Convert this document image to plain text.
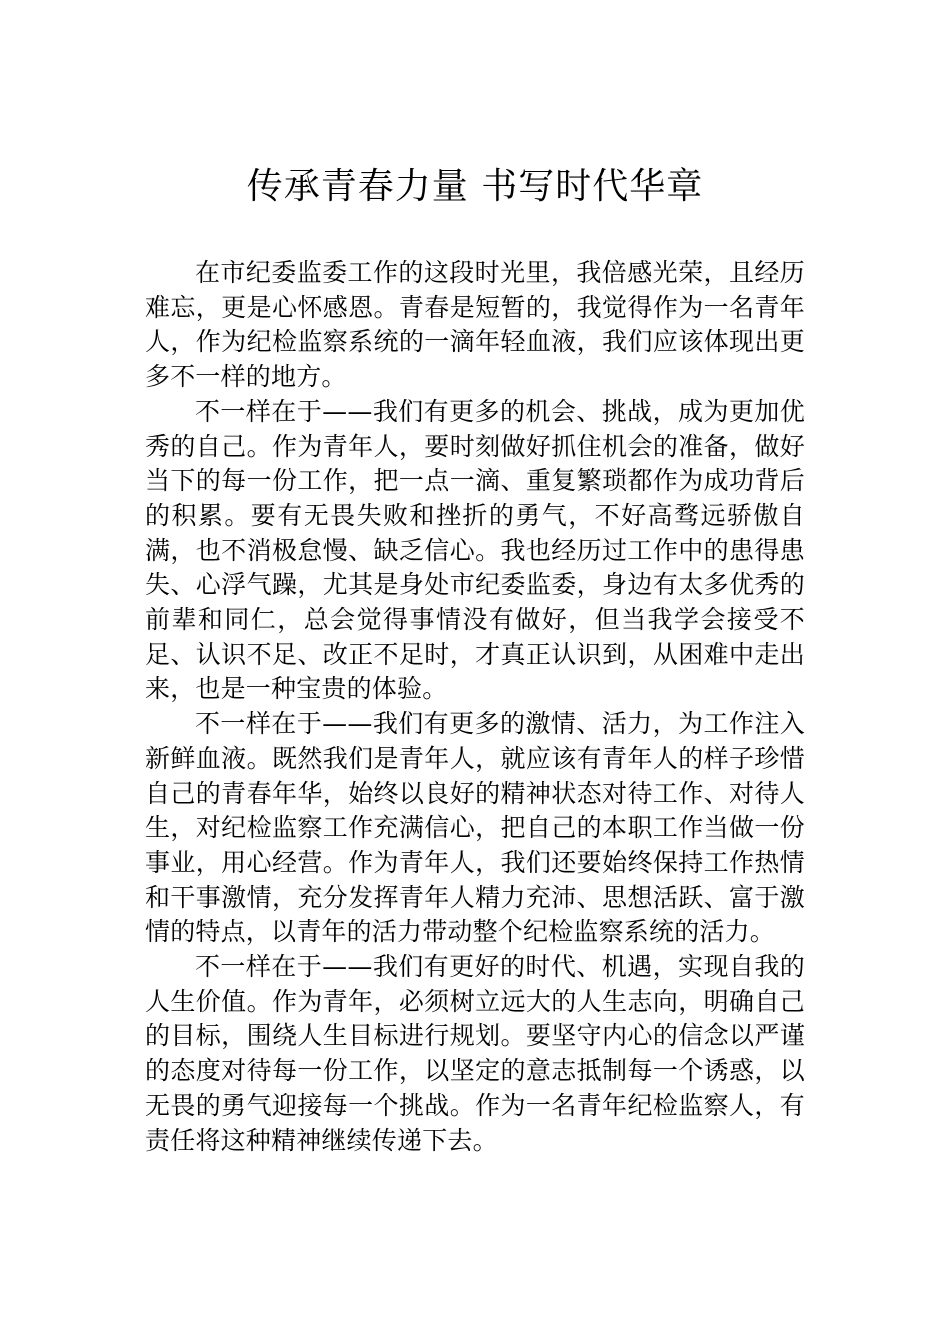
传承青春力量 书写时代华章

在市纪委监委工作的这段时光里，我倍感光荣，且经历难忘，更是心怀感恩。青春是短暂的，我觉得作为一名青年人，作为纪检监察系统的一滴年轻血液，我们应该体现出更多不一样的地方。

不一样在于——我们有更多的机会、挑战，成为更加优秀的自己。作为青年人，要时刻做好抓住机会的准备，做好当下的每一份工作，把一点一滴、重复繁琐都作为成功背后的积累。要有无畏失败和挫折的勇气，不好高骛远骄傲自满，也不消极怠慢、缺乏信心。我也经历过工作中的患得患失、心浮气躁，尤其是身处市纪委监委，身边有太多优秀的前辈和同仁，总会觉得事情没有做好，但当我学会接受不足、认识不足、改正不足时，才真正认识到，从困难中走出来，也是一种宝贵的体验。

不一样在于——我们有更多的激情、活力，为工作注入新鲜血液。既然我们是青年人，就应该有青年人的样子珍惜自己的青春年华，始终以良好的精神状态对待工作、对待人生，对纪检监察工作充满信心，把自己的本职工作当做一份事业，用心经营。作为青年人，我们还要始终保持工作热情和干事激情，充分发挥青年人精力充沛、思想活跃、富于激情的特点，以青年的活力带动整个纪检监察系统的活力。

不一样在于——我们有更好的时代、机遇，实现自我的人生价值。作为青年，必须树立远大的人生志向，明确自己的目标，围绕人生目标进行规划。要坚守内心的信念以严谨的态度对待每一份工作，以坚定的意志抵制每一个诱惑，以无畏的勇气迎接每一个挑战。作为一名青年纪检监察人，有责任将这种精神继续传递下去。
